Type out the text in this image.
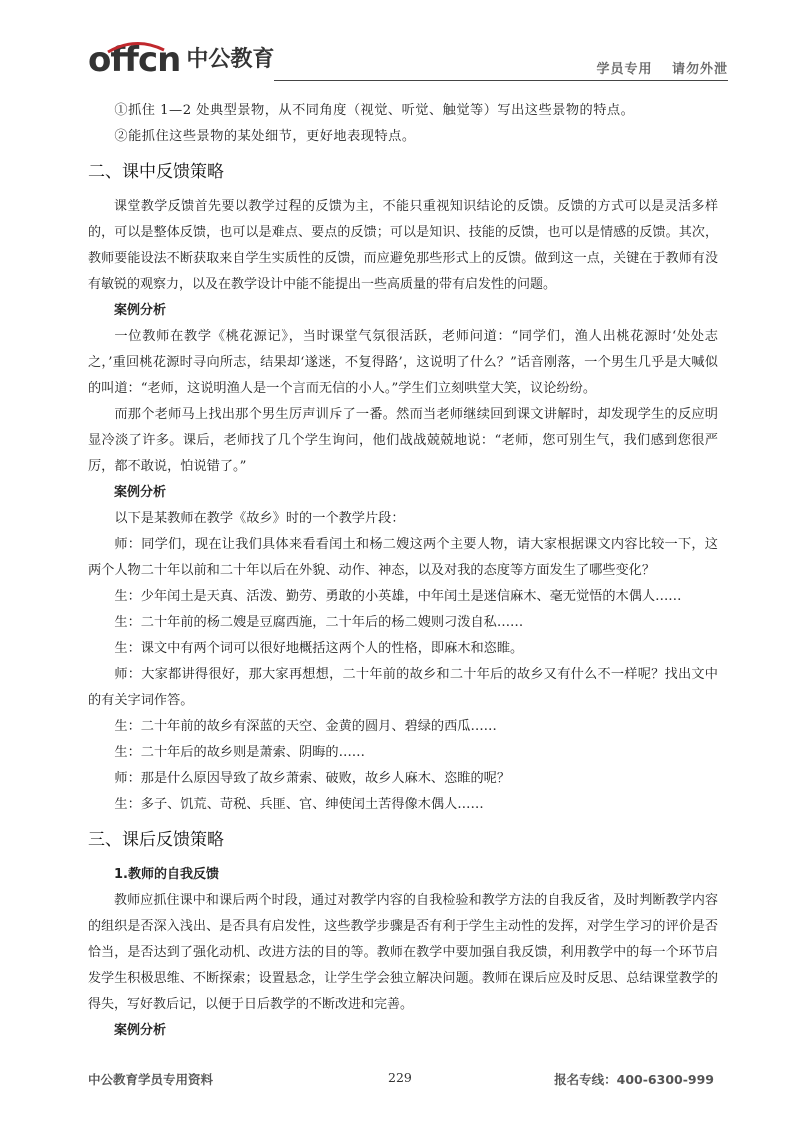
offcn 中公教育	学员专用 请勿外泄

①抓住 1—2 处典型景物，从不同角度（视觉、听觉、触觉等）写出这些景物的特点。

②能抓住这些景物的某处细节，更好地表现特点。

二、课中反馈策略

课堂教学反馈首先要以教学过程的反馈为主，不能只重视知识结论的反馈。反馈的方式可以是灵活多样的，可以是整体反馈，也可以是难点、要点的反馈；可以是知识、技能的反馈，也可以是情感的反馈。其次，教师要能设法不断获取来自学生实质性的反馈，而应避免那些形式上的反馈。做到这一点，关键在于教师有没有敏锐的观察力，以及在教学设计中能不能提出一些高质量的带有启发性的问题。

案例分析

一位教师在教学《桃花源记》，当时课堂气氛很活跃，老师问道：“同学们，渔人出桃花源时‘处处志之，’重回桃花源时寻向所志，结果却‘遂迷，不复得路’，这说明了什么？”话音刚落，一个男生几乎是大喊似的叫道：“老师，这说明渔人是一个言而无信的小人。”学生们立刻哄堂大笑，议论纷纷。

而那个老师马上找出那个男生厉声训斥了一番。然而当老师继续回到课文讲解时，却发现学生的反应明显冷淡了许多。课后，老师找了几个学生询问，他们战战兢兢地说：“老师，您可别生气，我们感到您很严厉，都不敢说，怕说错了。”

案例分析

以下是某教师在教学《故乡》时的一个教学片段：

师：同学们，现在让我们具体来看看闰土和杨二嫂这两个主要人物，请大家根据课文内容比较一下，这两个人物二十年以前和二十年以后在外貌、动作、神态，以及对我的态度等方面发生了哪些变化？

生：少年闰土是天真、活泼、勤劳、勇敢的小英雄，中年闰土是迷信麻木、毫无觉悟的木偶人……

生：二十年前的杨二嫂是豆腐西施，二十年后的杨二嫂则刁泼自私……

生：课文中有两个词可以很好地概括这两个人的性格，即麻木和恣睢。

师：大家都讲得很好，那大家再想想，二十年前的故乡和二十年后的故乡又有什么不一样呢？找出文中的有关字词作答。

生：二十年前的故乡有深蓝的天空、金黄的圆月、碧绿的西瓜……

生：二十年后的故乡则是萧索、阴晦的……

师：那是什么原因导致了故乡萧索、破败，故乡人麻木、恣睢的呢？

生：多子、饥荒、苛税、兵匪、官、绅使闰土苦得像木偶人……

三、课后反馈策略

1.教师的自我反馈

教师应抓住课中和课后两个时段，通过对教学内容的自我检验和教学方法的自我反省，及时判断教学内容的组织是否深入浅出、是否具有启发性，这些教学步骤是否有利于学生主动性的发挥，对学生学习的评价是否恰当，是否达到了强化动机、改进方法的目的等。教师在教学中要加强自我反馈，利用教学中的每一个环节启发学生积极思维、不断探索；设置悬念，让学生学会独立解决问题。教师在课后应及时反思、总结课堂教学的得失，写好教后记，以便于日后教学的不断改进和完善。

案例分析

中公教育学员专用资料	229	报名专线：400-6300-999
